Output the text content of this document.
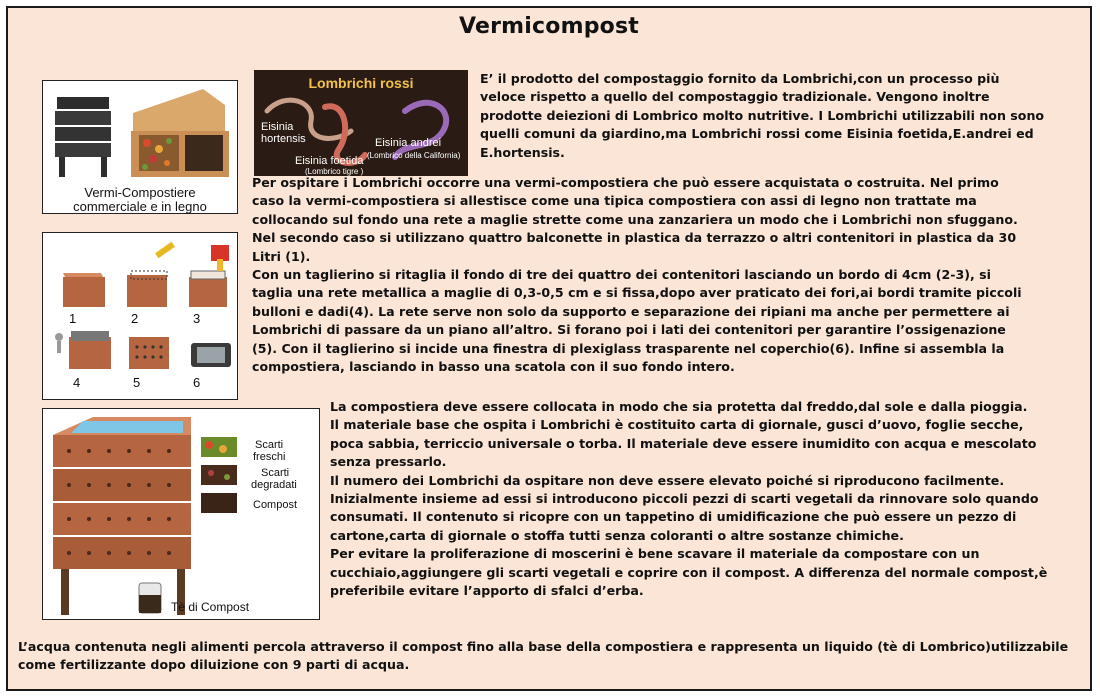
Vermicompost
Vermi-Compostiere
commerciale e in legno
Lombrichi rossi
Eisinia
hortensis
Eisinia foetida
(Lombrico tigre )
Eisinia andrei
(Lombrico della California)

E’ il prodotto del compostaggio fornito da Lombrichi,con un processo più
veloce rispetto a quello del compostaggio tradizionale. Vengono inoltre
prodotte deiezioni di Lombrico molto nutritive. I Lombrichi utilizzabili non sono
quelli comuni da giardino,ma Lombrichi rossi come Eisinia foetida,E.andrei ed
E.hortensis.

1	2	3
4	5	6

Per ospitare i Lombrichi occorre una vermi-compostiera che può essere acquistata o costruita. Nel primo
caso la vermi-compostiera si allestisce come una tipica compostiera con assi di legno non trattate ma
collocando sul fondo una rete a maglie strette come una zanzariera un modo che i Lombrichi non sfuggano.
Nel secondo caso si utilizzano quattro balconette in plastica da terrazzo o altri contenitori in plastica da 30
Litri (1).
Con un taglierino si ritaglia il fondo di tre dei quattro dei contenitori lasciando un bordo di 4cm (2-3), si
taglia una rete metallica a maglie di 0,3-0,5 cm e si fissa,dopo aver praticato dei fori,ai bordi tramite piccoli
bulloni e dadi(4). La rete serve non solo da supporto e separazione dei ripiani ma anche per permettere ai
Lombrichi di passare da un piano all’altro. Si forano poi i lati dei contenitori per garantire l’ossigenazione
(5). Con il taglierino si incide una finestra di plexiglass trasparente nel coperchio(6). Infine si assembla la
compostiera, lasciando in basso una scatola con il suo fondo intero.

Scarti
freschi
Scarti
degradati
Compost
Tè di Compost

La compostiera deve essere collocata in modo che sia protetta dal freddo,dal sole e dalla pioggia.
Il materiale base che ospita i Lombrichi è costituito carta di giornale, gusci d’uovo, foglie secche,
poca sabbia, terriccio universale o torba. Il materiale deve essere inumidito con acqua e mescolato
senza pressarlo.
Il numero dei Lombrichi da ospitare non deve essere elevato poiché si riproducono facilmente.
Inizialmente insieme ad essi si introducono piccoli pezzi di scarti vegetali da rinnovare solo quando
consumati. Il contenuto si ricopre con un tappetino di umidificazione che può essere un pezzo di
cartone,carta di giornale o stoffa tutti senza coloranti o altre sostanze chimiche.
Per evitare la proliferazione di moscerini è bene scavare il materiale da compostare con un
cucchiaio,aggiungere gli scarti vegetali e coprire con il compost. A differenza del normale compost,è
preferibile evitare l’apporto di sfalci d’erba.

L’acqua contenuta negli alimenti percola attraverso il compost fino alla base della compostiera e rappresenta un liquido (tè di Lombrico)utilizzabile
come fertilizzante dopo diluizione con 9 parti di acqua.
